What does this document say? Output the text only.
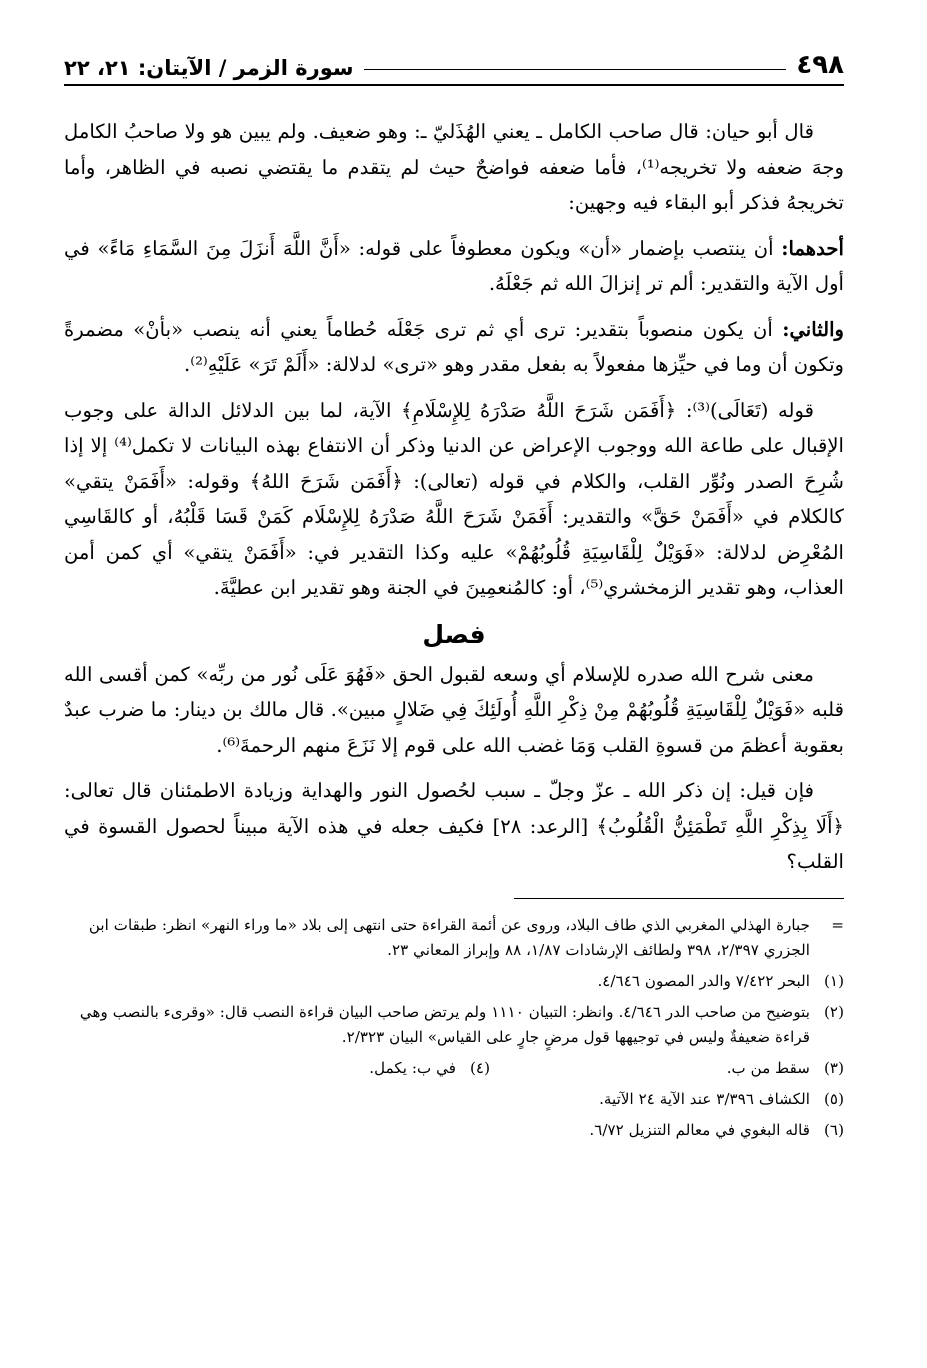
٤٩٨
سورة الزمر / الآيتان: ٢١، ٢٢

قال أبو حيان: قال صاحب الكامل ـ يعني الهُذَليّ ـ: وهو ضعيف. ولم يبين هو ولا صاحبُ الكامل وجهَ ضعفه ولا تخريجه⁽¹⁾، فأما ضعفه فواضحٌ حيث لم يتقدم ما يقتضي نصبه في الظاهر، وأما تخريجهُ فذكر أبو البقاء فيه وجهين:

أحدهما: أن ينتصب بإضمار «أن» ويكون معطوفاً على قوله: «أَنَّ اللَّهَ أَنزَلَ مِنَ السَّمَاءِ مَاءً» في أول الآية والتقدير: ألم تر إنزالَ الله ثم جَعْلَهُ.

والثاني: أن يكون منصوباً بتقدير: ترى أي ثم ترى جَعْلَه حُطاماً يعني أنه ينصب «بأنْ» مضمرةً وتكون أن وما في حيِّزها مفعولاً به بفعل مقدر وهو «ترى» لدلالة: «أَلَمْ تَرَ» عَلَيْهِ⁽²⁾.

قوله (تَعَالَى)⁽³⁾: ﴿أَفَمَن شَرَحَ اللَّهُ صَدْرَهُ لِلإِسْلَامِ﴾ الآية، لما بين الدلائل الدالة على وجوب الإقبال على طاعة الله ووجوب الإعراض عن الدنيا وذكر أن الانتفاع بهذه البيانات لا تكمل⁽⁴⁾ إلا إذا شُرِحَ الصدر ونُوِّر القلب، والكلام في قوله (تعالى): ﴿أَفَمَن شَرَحَ اللهُ﴾ وقوله: «أَفَمَنْ يتقي» كالكلام في «أَفَمَنْ حَقَّ» والتقدير: أَفَمَنْ شَرَحَ اللَّهُ صَدْرَهُ لِلإِسْلَام كَمَنْ قَسَا قَلْبُهُ، أو كالقَاسِي المُعْرِض لدلالة: «فَوَيْلٌ لِلْقَاسِيَةِ قُلُوبُهُمْ» عليه وكذا التقدير في: «أَفَمَنْ يتقي» أي كمن أمن العذاب، وهو تقدير الزمخشري⁽⁵⁾، أو: كالمُنعمِينَ في الجنة وهو تقدير ابن عطيَّةَ.

فصل

معنى شرح الله صدره للإسلام أي وسعه لقبول الحق «فَهُوَ عَلَى نُور من ربِّه» كمن أقسى الله قلبه «فَوَيْلٌ لِلْقَاسِيَةِ قُلُوبُهُمْ مِنْ ذِكْرِ اللَّهِ أُولَئِكَ فِي ضَلالٍ مبين». قال مالك بن دينار: ما ضرب عبدٌ بعقوبة أعظمَ من قسوةِ القلب وَمَا غضب الله على قوم إلا نَزَعَ منهم الرحمةَ⁽⁶⁾.

فإن قيل: إن ذكر الله ـ عزّ وجلّ ـ سبب لحُصول النور والهداية وزيادة الاطمئنان قال تعالى: ﴿أَلَا بِذِكْرِ اللَّهِ تَطْمَئِنُّ الْقُلُوبُ﴾ [الرعد: ٢٨] فكيف جعله في هذه الآية مبيناً لحصول القسوة في القلب؟

=
جبارة الهذلي المغربي الذي طاف البلاد، وروى عن أئمة القراءة حتى انتهى إلى بلاد «ما وراء النهر» انظر: طبقات ابن الجزري ٢/٣٩٧، ٣٩٨ ولطائف الإرشادات ١/٨٧، ٨٨ وإبراز المعاني ٢٣.
(١)
البحر ٧/٤٢٢ والدر المصون ٤/٦٤٦.
(٢)
بتوضيح من صاحب الدر ٤/٦٤٦. وانظر: التبيان ١١١٠ ولم يرتض صاحب البيان قراءة النصب قال: «وقرىء بالنصب وهي قراءة ضعيفةٌ وليس في توجيهها قول مرضٍ جارٍ على القياس» البيان ٢/٣٢٣.
(٣)
سقط من ب.
(٤)
في ب: يكمل.
(٥)
الكشاف ٣/٣٩٦ عند الآية ٢٤ الآتية.
(٦)
قاله البغوي في معالم التنزيل ٦/٧٢.
